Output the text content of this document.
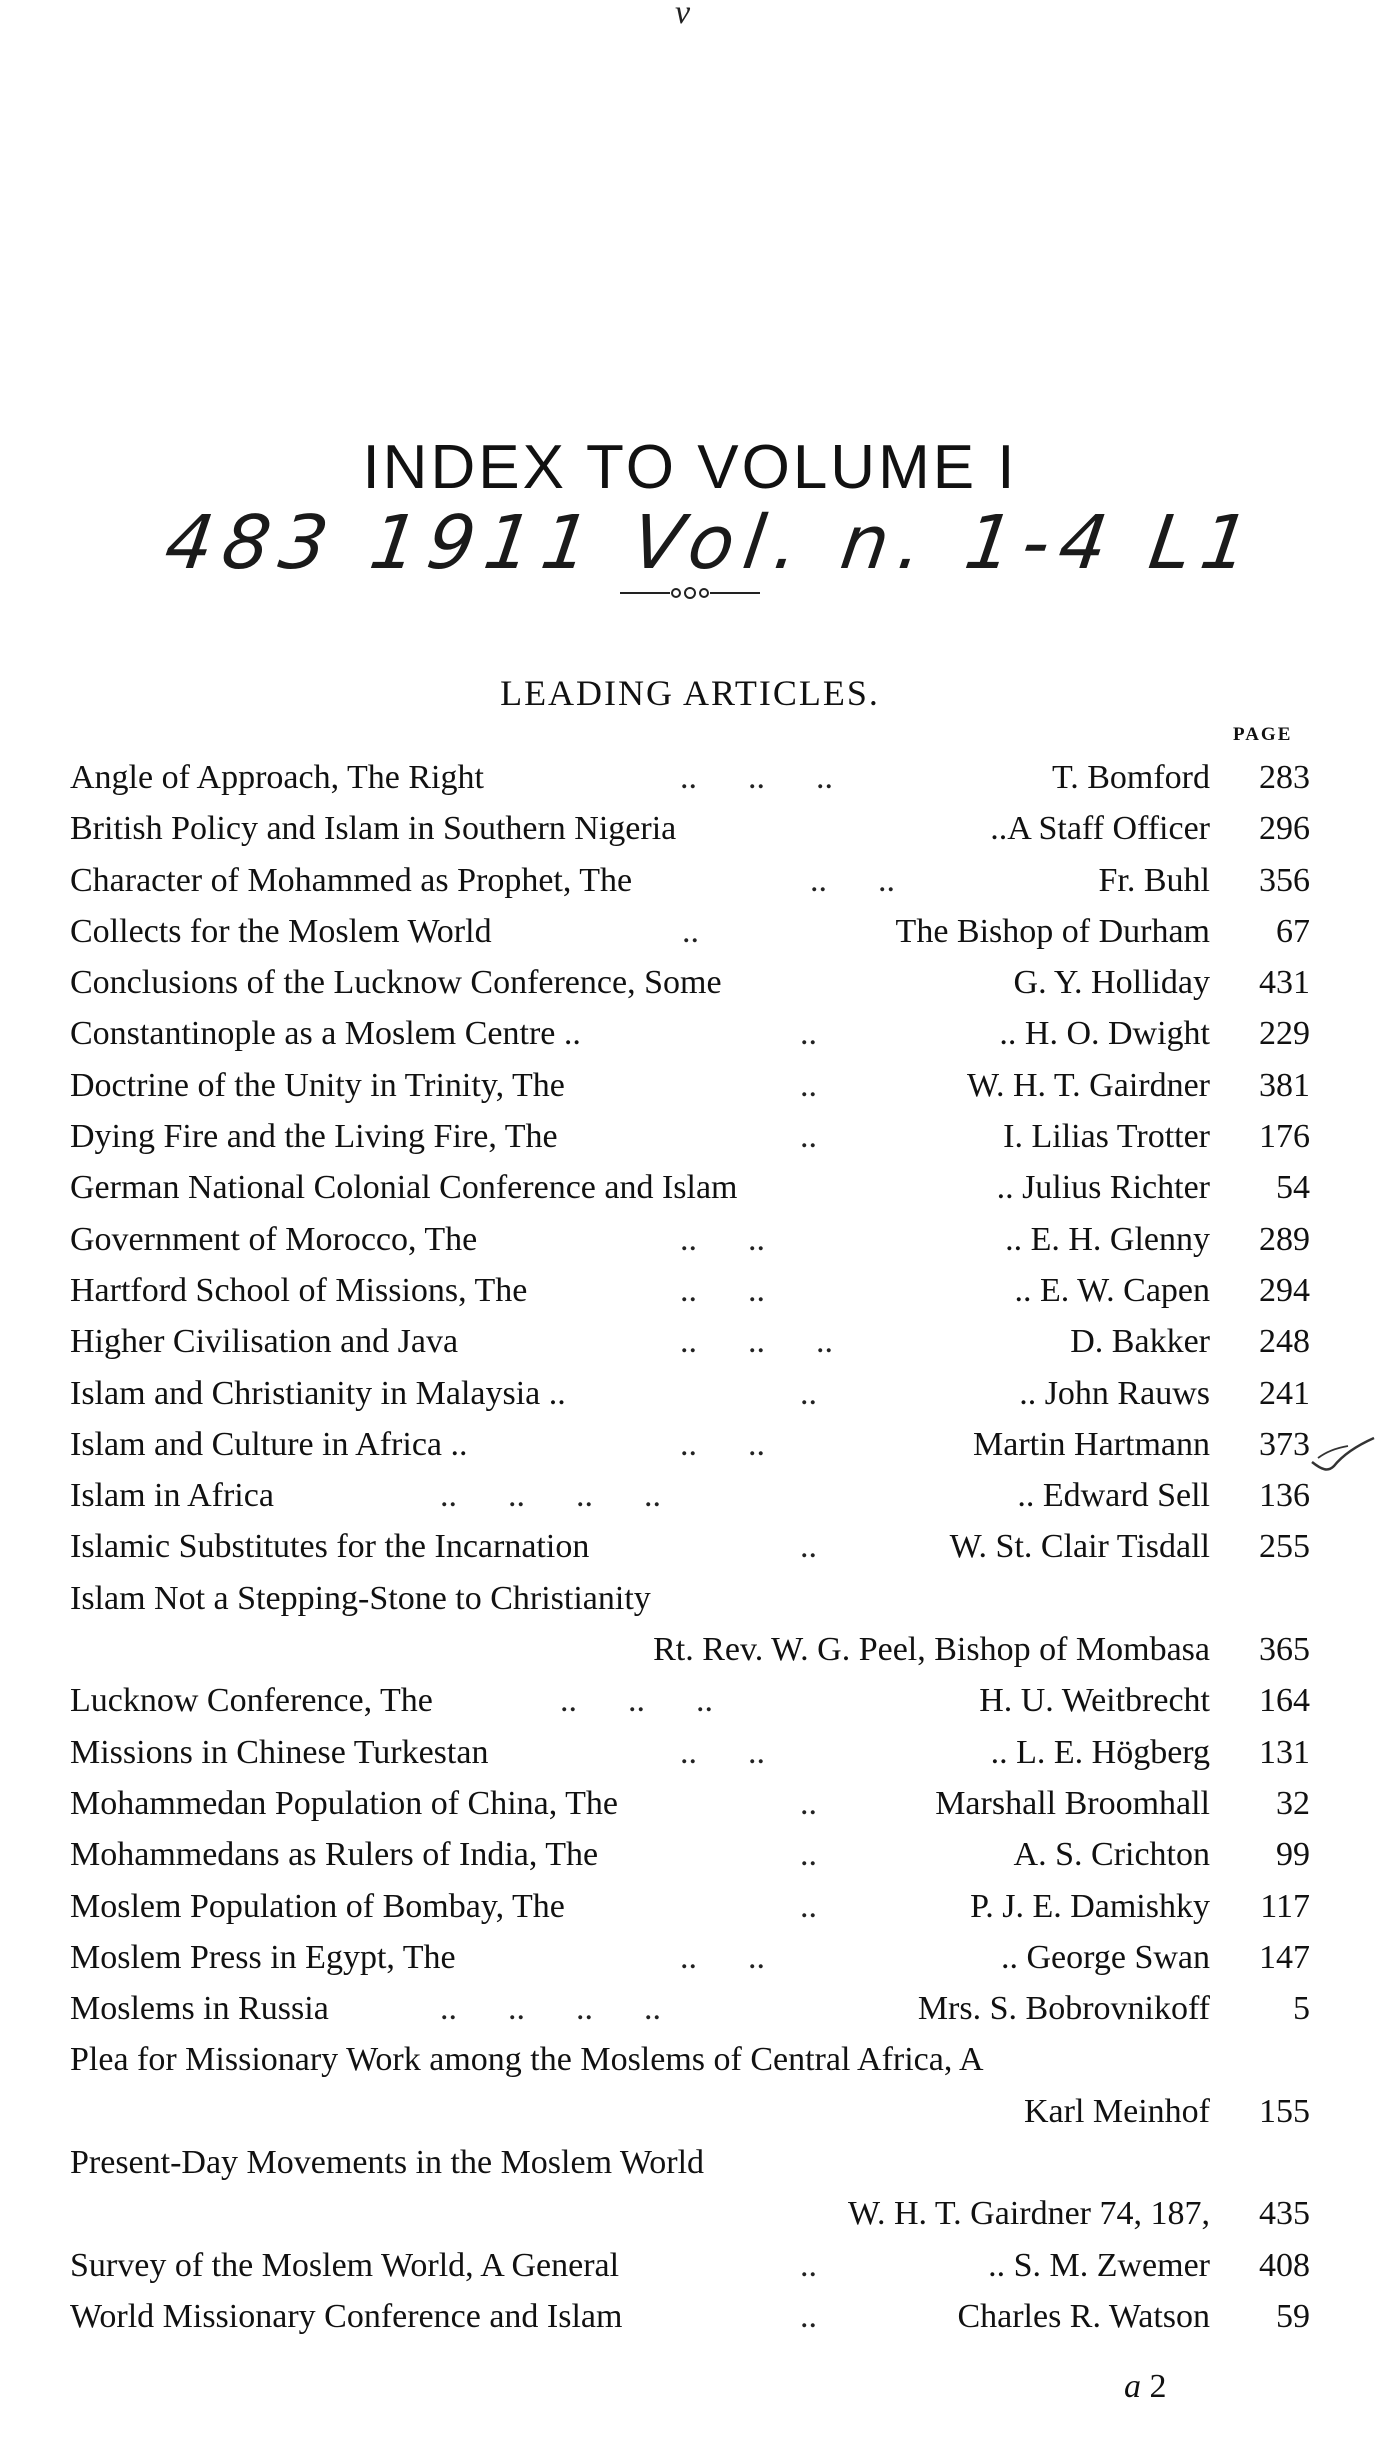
v
INDEX TO VOLUME I
483 1911 Vol. n. 1-4 L1
LEADING ARTICLES.
PAGE
Angle of Approach, The Right	..      ..      ..	T. Bomford	283
British Policy and Islam in Southern Nigeria	..A Staff Officer	296
Character of Mohammed as Prophet, The	..      ..	Fr. Buhl	356
Collects for the Moslem World	..	The Bishop of Durham	67
Conclusions of the Lucknow Conference, Some	G. Y. Holliday	431
Constantinople as a Moslem Centre ..	..	.. H. O. Dwight	229
Doctrine of the Unity in Trinity, The	..	W. H. T. Gairdner	381
Dying Fire and the Living Fire, The	..	I. Lilias Trotter	176
German National Colonial Conference and Islam	.. Julius Richter	54
Government of Morocco, The	..      ..	.. E. H. Glenny	289
Hartford School of Missions, The	..      ..	.. E. W. Capen	294
Higher Civilisation and Java	..      ..      ..	D. Bakker	248
Islam and Christianity in Malaysia ..	..	.. John Rauws	241
Islam and Culture in Africa ..	..      ..	Martin Hartmann	373
Islam in Africa	..      ..      ..      ..	.. Edward Sell	136
Islamic Substitutes for the Incarnation	..	W. St. Clair Tisdall	255
Islam Not a Stepping-Stone to Christianity
Rt. Rev. W. G. Peel, Bishop of Mombasa	365
Lucknow Conference, The	..      ..      ..	H. U. Weitbrecht	164
Missions in Chinese Turkestan	..      ..	.. L. E. Högberg	131
Mohammedan Population of China, The	..	Marshall Broomhall	32
Mohammedans as Rulers of India, The	..	A. S. Crichton	99
Moslem Population of Bombay, The	..	P. J. E. Damishky	117
Moslem Press in Egypt, The	..      ..	.. George Swan	147
Moslems in Russia	..      ..      ..      ..	Mrs. S. Bobrovnikoff	5
Plea for Missionary Work among the Moslems of Central Africa, A
Karl Meinhof	155
Present-Day Movements in the Moslem World
W. H. T. Gairdner 74, 187,	435
Survey of the Moslem World, A General	..	.. S. M. Zwemer	408
World Missionary Conference and Islam	..	Charles R. Watson	59
a 2
